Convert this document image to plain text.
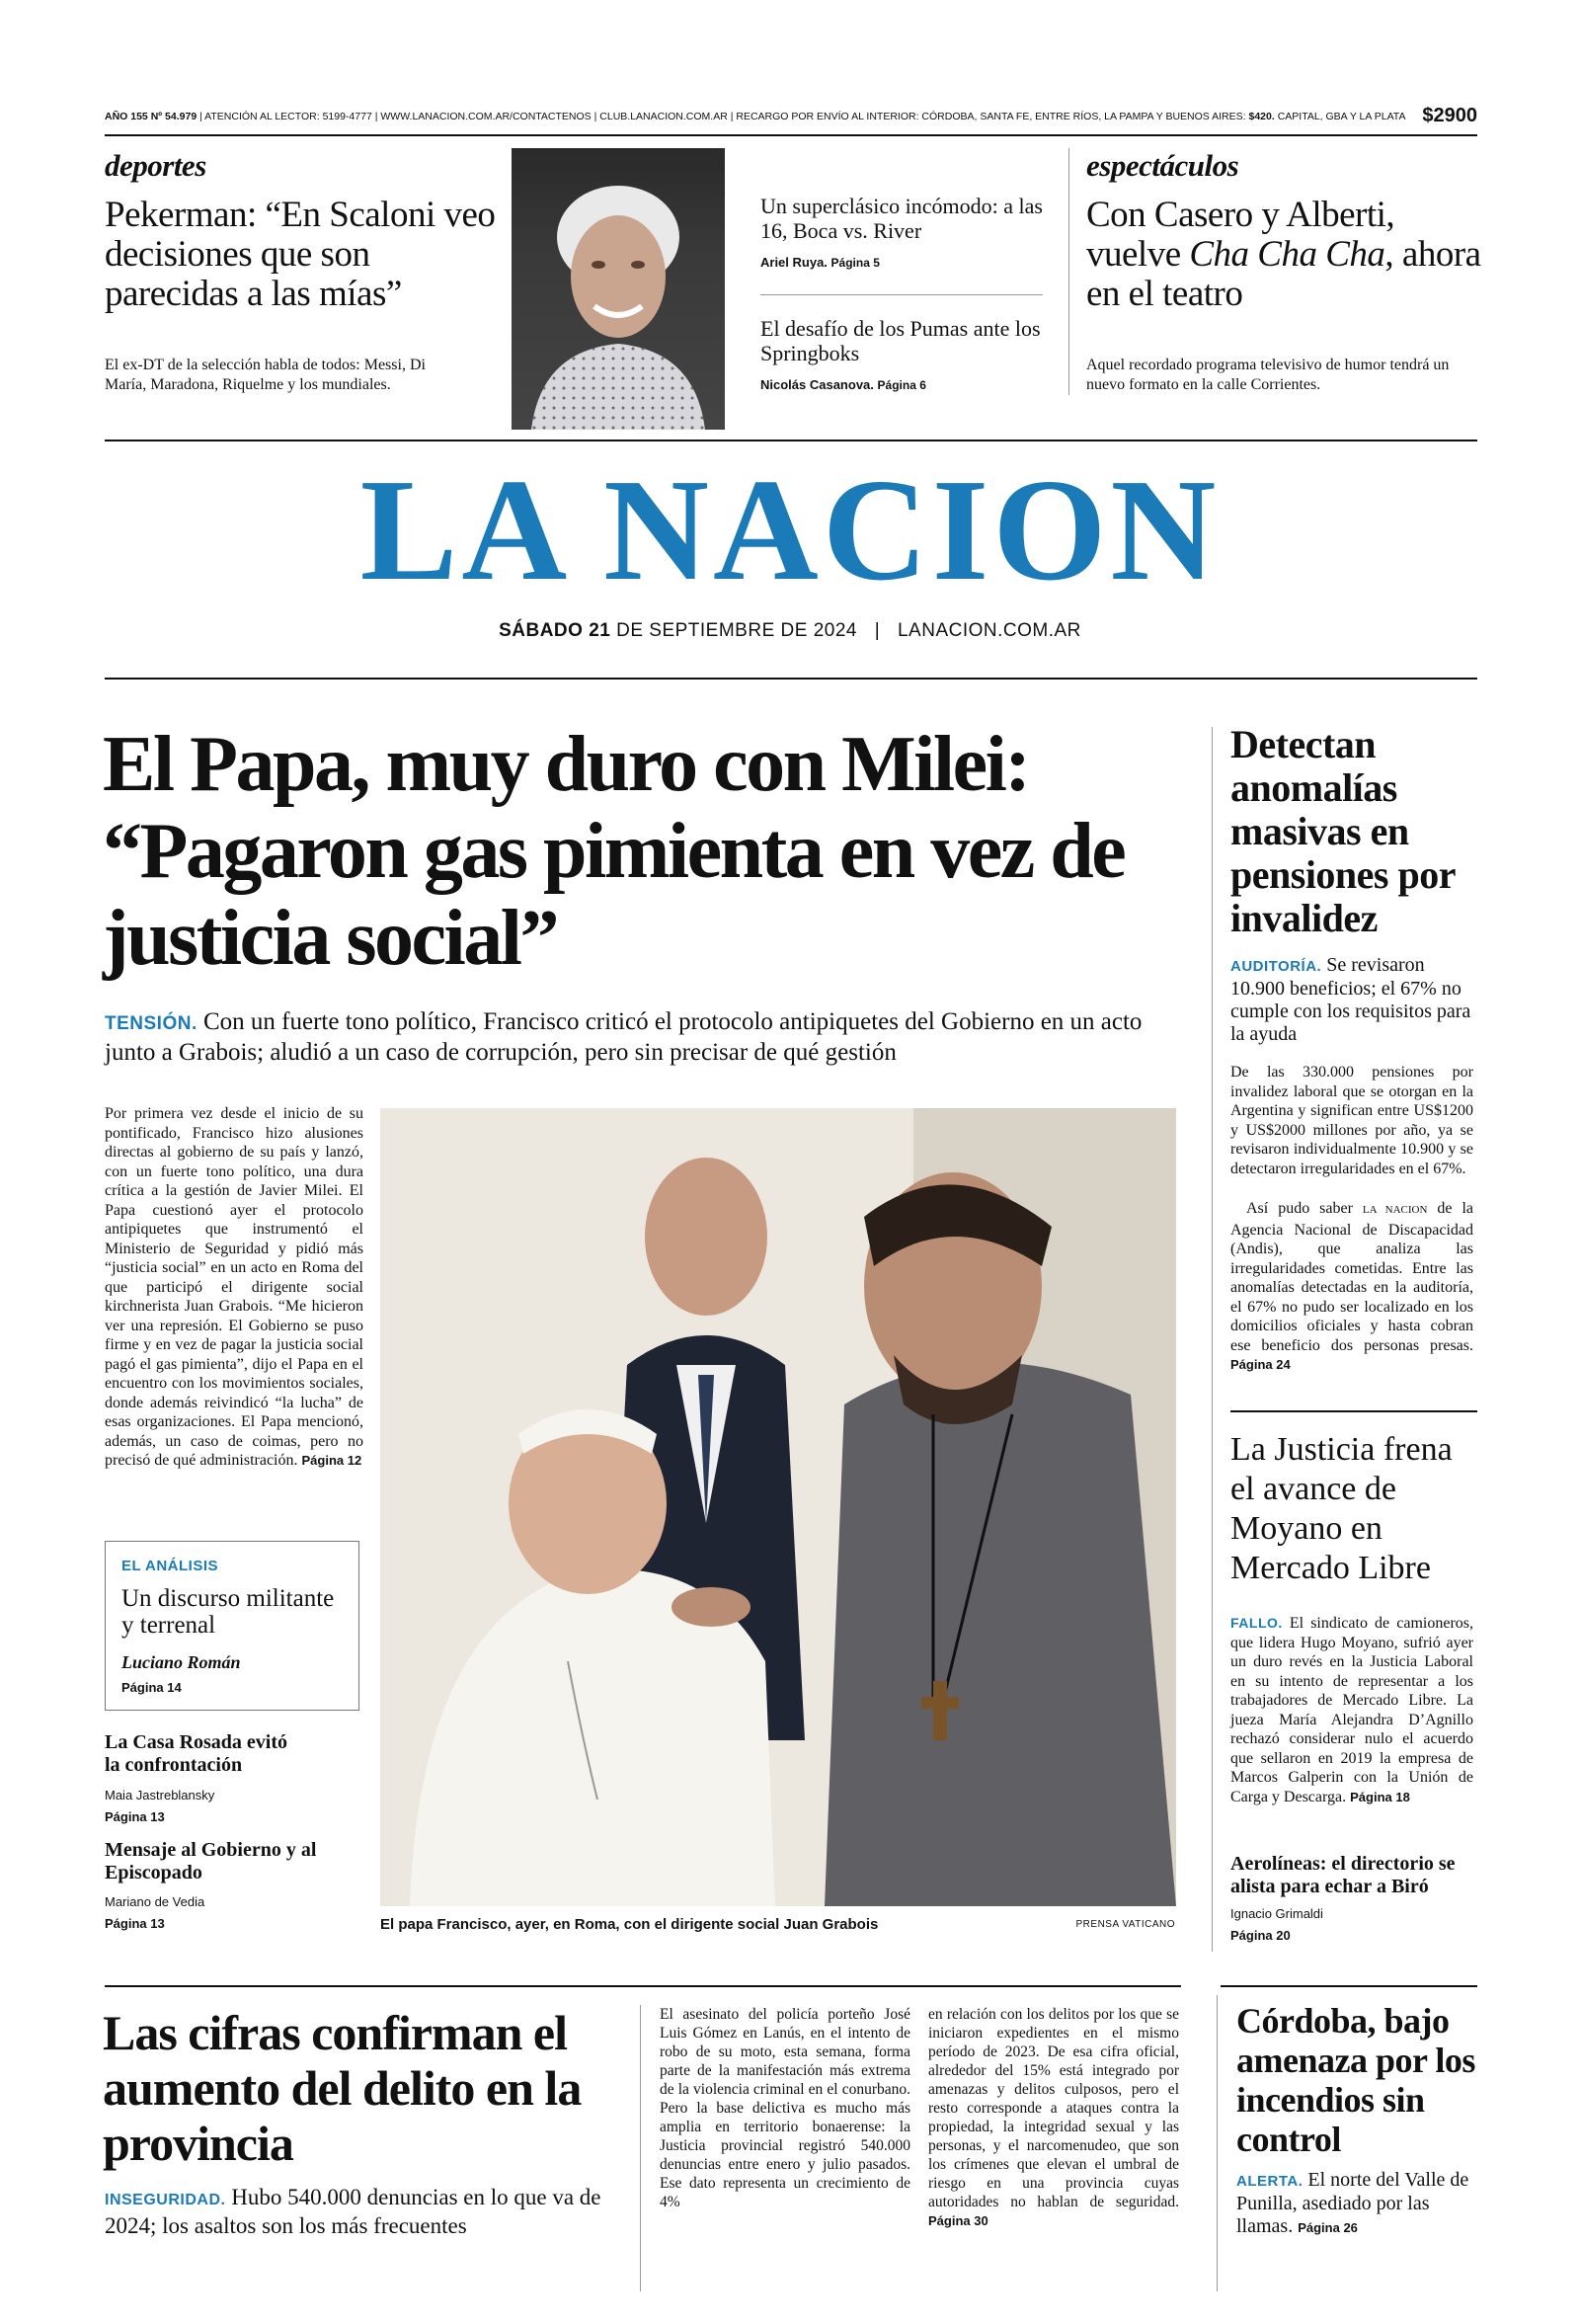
AÑO 155 Nº 54.979 | ATENCIÓN AL LECTOR: 5199-4777 | WWW.LANACION.COM.AR/CONTACTENOS | CLUB.LANACION.COM.AR | RECARGO POR ENVÍO AL INTERIOR: CÓRDOBA, SANTA FE, ENTRE RÍOS, LA PAMPA Y BUENOS AIRES: $420. CAPITAL, GBA Y LA PLATA $2900
deportes
Pekerman: “En Scaloni veo decisiones que son parecidas a las mías”
El ex-DT de la selección habla de todos: Messi, Di María, Maradona, Riquelme y los mundiales.
Un superclásico incómodo: a las 16, Boca vs. River
Ariel Ruya. Página 5
El desafío de los Pumas ante los Springboks
Nicolás Casanova. Página 6
espectáculos
Con Casero y Alberti, vuelve Cha Cha Cha, ahora en el teatro
Aquel recordado programa televisivo de humor tendrá un nuevo formato en la calle Corrientes.
LA NACION
SÁBADO 21 DE SEPTIEMBRE DE 2024 | LANACION.COM.AR
El Papa, muy duro con Milei: “Pagaron gas pimienta en vez de justicia social”
TENSIÓN. Con un fuerte tono político, Francisco criticó el protocolo antipiquetes del Gobierno en un acto junto a Grabois; aludió a un caso de corrupción, pero sin precisar de qué gestión
Por primera vez desde el inicio de su pontificado, Francisco hizo alusiones directas al gobierno de su país y lanzó, con un fuerte tono político, una dura crítica a la gestión de Javier Milei. El Papa cuestionó ayer el protocolo antipiquetes que instrumentó el Ministerio de Seguridad y pidió más “justicia social” en un acto en Roma del que participó el dirigente social kirchnerista Juan Grabois. “Me hicieron ver una represión. El Gobierno se puso firme y en vez de pagar la justicia social pagó el gas pimienta”, dijo el Papa en el encuentro con los movimientos sociales, donde además reivindicó “la lucha” de esas organizaciones. El Papa mencionó, además, un caso de coimas, pero no precisó de qué administración. Página 12
EL ANÁLISIS
Un discurso militante y terrenal
Luciano Román
Página 14
La Casa Rosada evitó la confrontación
Maia Jastreblansky
Página 13
Mensaje al Gobierno y al Episcopado
Mariano de Vedia
Página 13	El papa Francisco, ayer, en Roma, con el dirigente social Juan Grabois	PRENSA VATICANO
Detectan anomalías masivas en pensiones por invalidez
AUDITORÍA. Se revisaron 10.900 beneficios; el 67% no cumple con los requisitos para la ayuda
De las 330.000 pensiones por invalidez laboral que se otorgan en la Argentina y significan entre US$1200 y US$2000 millones por año, ya se revisaron individualmente 10.900 y se detectaron irregularidades en el 67%.
Así pudo saber LA NACION de la Agencia Nacional de Discapacidad (Andis), que analiza las irregularidades cometidas. Entre las anomalías detectadas en la auditoría, el 67% no pudo ser localizado en los domicilios oficiales y hasta cobran ese beneficio dos personas presas. Página 24
La Justicia frena el avance de Moyano en Mercado Libre
FALLO. El sindicato de camioneros, que lidera Hugo Moyano, sufrió ayer un duro revés en la Justicia Laboral en su intento de representar a los trabajadores de Mercado Libre. La jueza María Alejandra D’Agnillo rechazó considerar nulo el acuerdo que sellaron en 2019 la empresa de Marcos Galperin con la Unión de Carga y Descarga. Página 18
Aerolíneas: el directorio se alista para echar a Biró
Ignacio Grimaldi
Página 20
Las cifras confirman el aumento del delito en la provincia
INSEGURIDAD. Hubo 540.000 denuncias en lo que va de 2024; los asaltos son los más frecuentes
El asesinato del policía porteño José Luis Gómez en Lanús, en el intento de robo de su moto, esta semana, forma parte de la manifestación más extrema de la violencia criminal en el conurbano. Pero la base delictiva es mucho más amplia en territorio bonaerense: la Justicia provincial registró 540.000 denuncias entre enero y julio pasados. Ese dato representa un crecimiento de 4%
en relación con los delitos por los que se iniciaron expedientes en el mismo período de 2023. De esa cifra oficial, alrededor del 15% está integrado por amenazas y delitos culposos, pero el resto corresponde a ataques contra la propiedad, la integridad sexual y las personas, y el narcomenudeo, que son los crímenes que elevan el umbral de riesgo en una provincia cuyas autoridades no hablan de seguridad. Página 30
Córdoba, bajo amenaza por los incendios sin control
ALERTA. El norte del Valle de Punilla, asediado por las llamas. Página 26
